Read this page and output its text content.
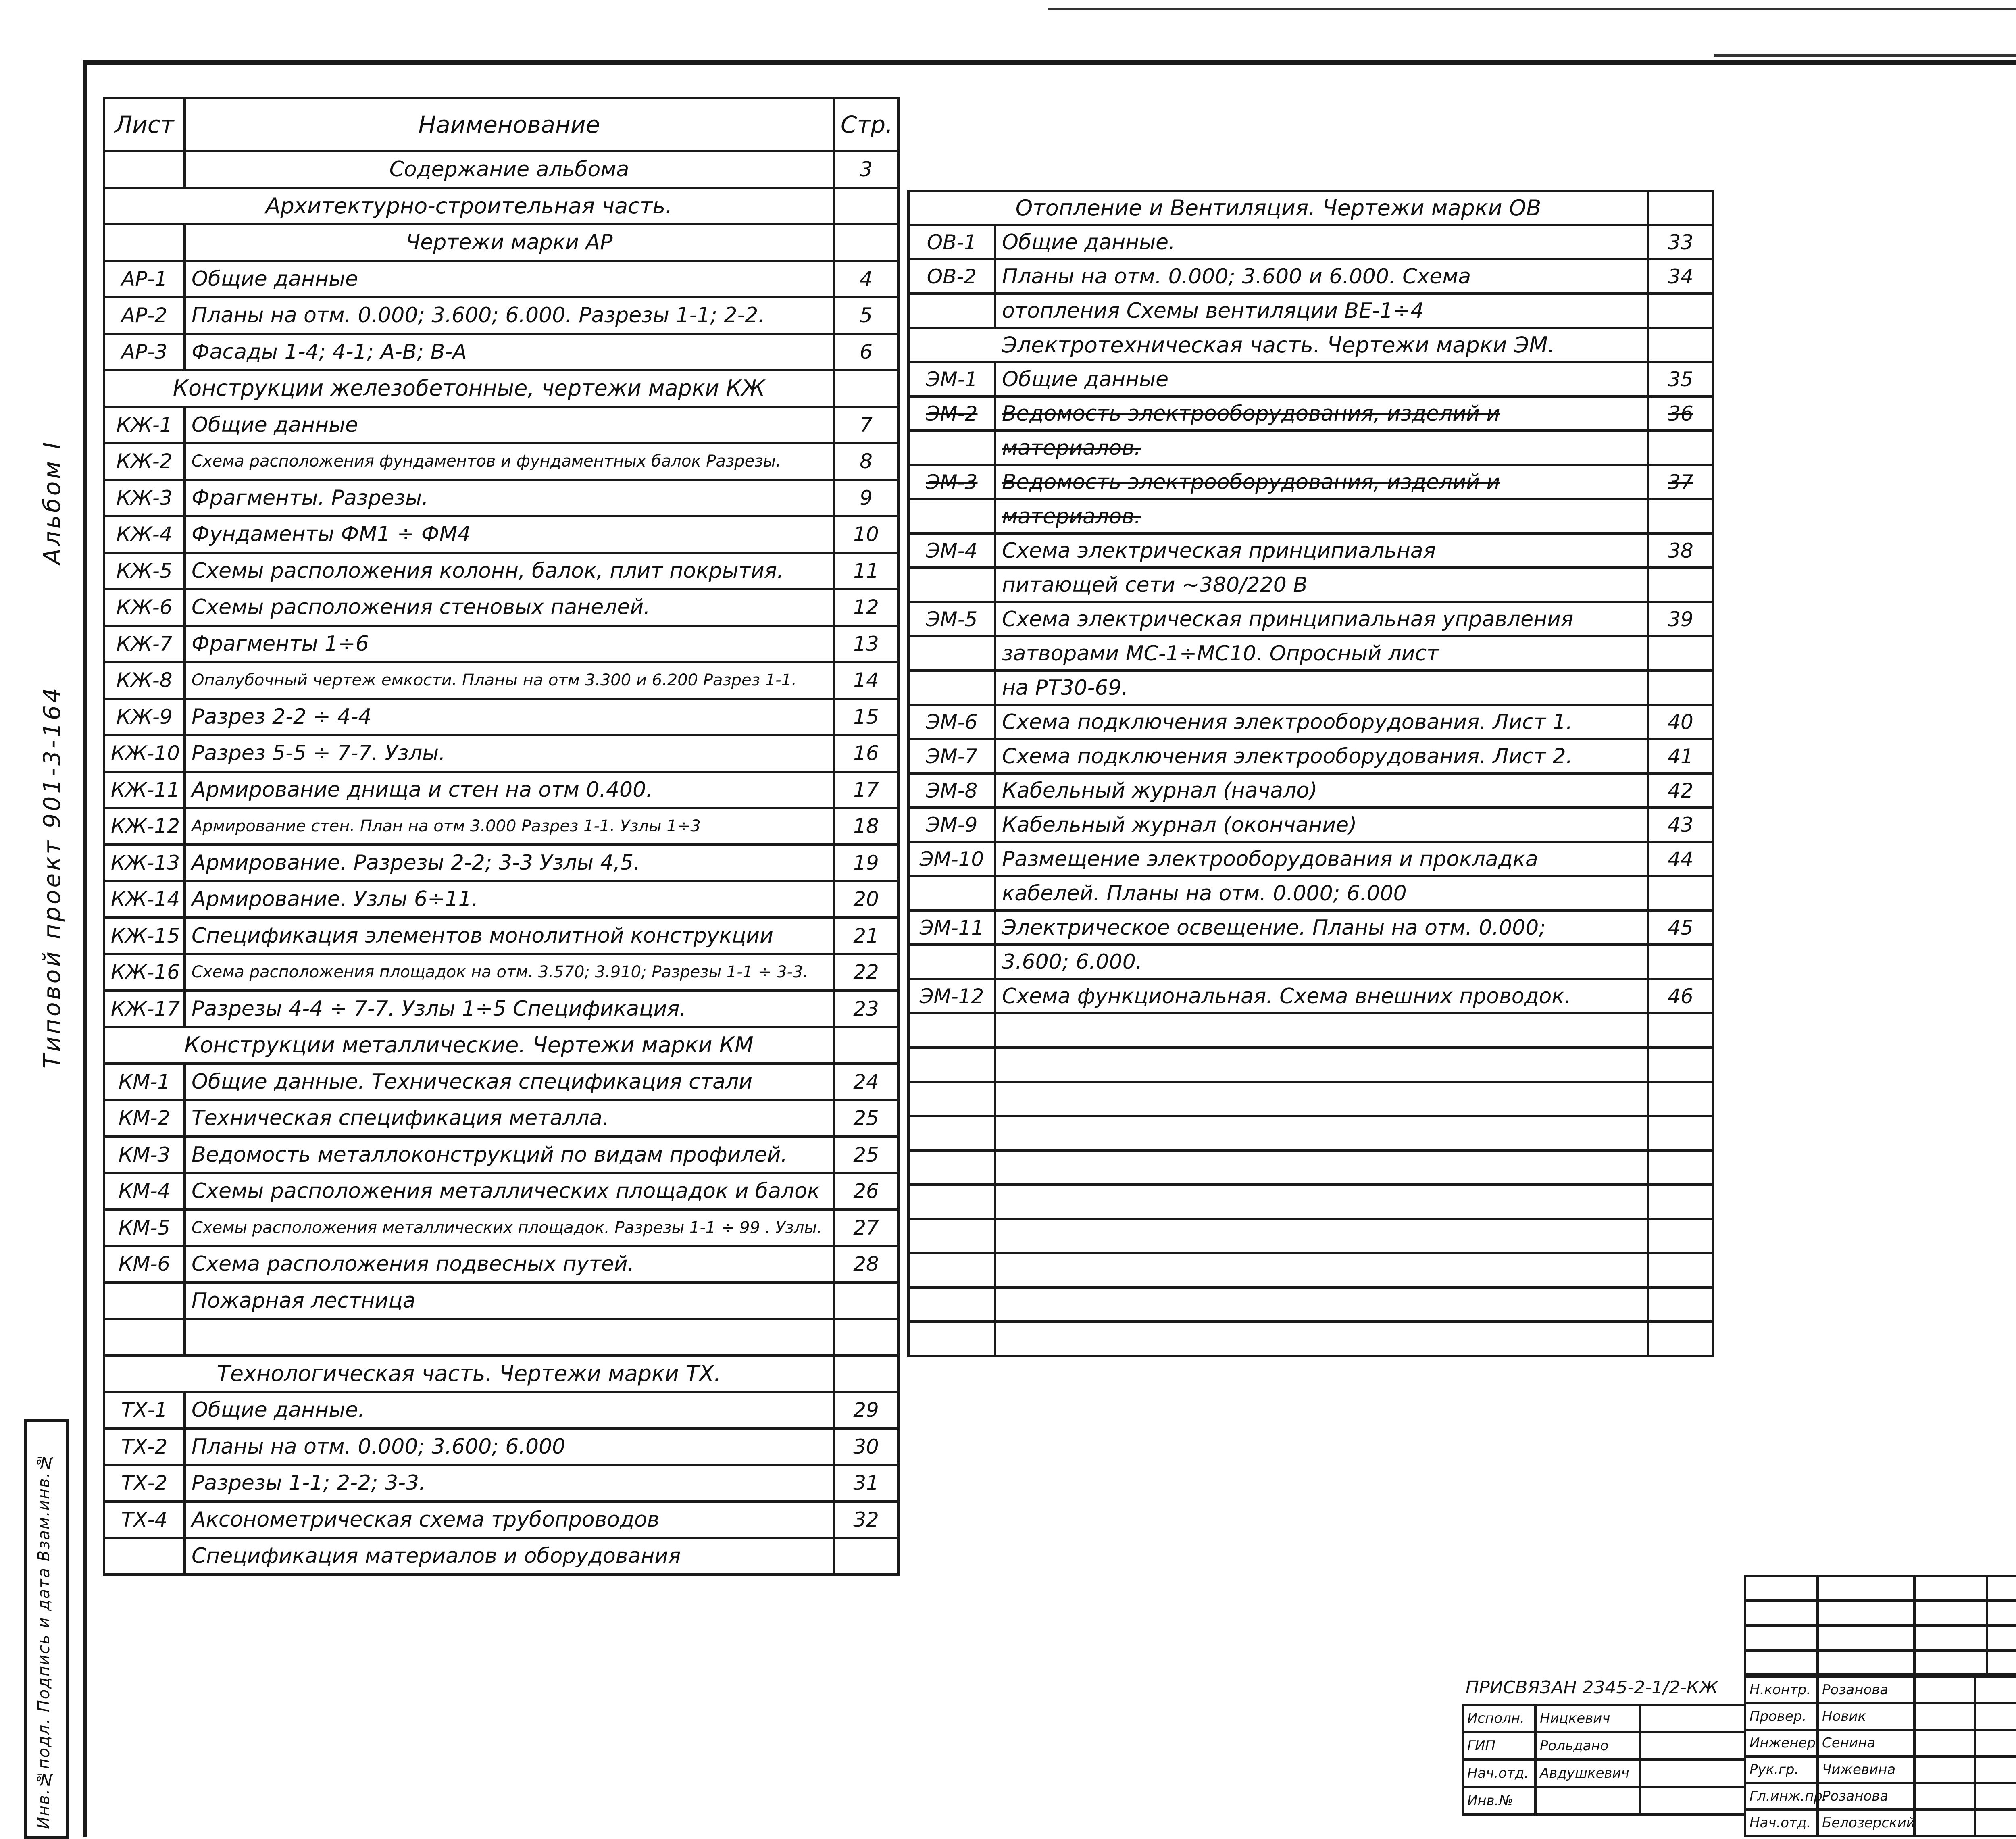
Альбом I
Типовой проект 901-3-164
Инв.№подл. Подпись и дата Взам.инв.№
Лист	Наименование	Стр.
	Содержание альбома	3
Архитектурно-строительная часть.		
	Чертежи марки АР	
АР-1	Общие данные	4
АР-2	Планы на отм. 0.000; 3.600; 6.000. Разрезы 1-1; 2-2.	5
АР-3	Фасады 1-4; 4-1; А-В; В-А	6
Конструкции железобетонные, чертежи марки КЖ		
КЖ-1	Общие данные	7
КЖ-2	Схема расположения фундаментов и фундаментных балок Разрезы.	8
КЖ-3	Фрагменты. Разрезы.	9
КЖ-4	Фундаменты ФМ1 ÷ ФМ4	10
КЖ-5	Схемы расположения колонн, балок, плит покрытия.	11
КЖ-6	Схемы расположения стеновых панелей.	12
КЖ-7	Фрагменты 1÷6	13
КЖ-8	Опалубочный чертеж емкости. Планы на отм 3.300 и 6.200 Разрез 1-1.	14
КЖ-9	Разрез 2-2 ÷ 4-4	15
КЖ-10	Разрез 5-5 ÷ 7-7. Узлы.	16
КЖ-11	Армирование днища и стен на отм 0.400.	17
КЖ-12	Армирование стен. План на отм 3.000 Разрез 1-1. Узлы 1÷3	18
КЖ-13	Армирование. Разрезы 2-2; 3-3 Узлы 4,5.	19
КЖ-14	Армирование. Узлы 6÷11.	20
КЖ-15	Спецификация элементов монолитной конструкции	21
КЖ-16	Схема расположения площадок на отм. 3.570; 3.910; Разрезы 1-1 ÷ 3-3.	22
КЖ-17	Разрезы 4-4 ÷ 7-7. Узлы 1÷5 Спецификация.	23
Конструкции металлические. Чертежи марки КМ		
КМ-1	Общие данные. Техническая спецификация стали	24
КМ-2	Техническая спецификация металла.	25
КМ-3	Ведомость металлоконструкций по видам профилей.	25
КМ-4	Схемы расположения металлических площадок и балок	26
КМ-5	Схемы расположения металлических площадок. Разрезы 1-1 ÷ 99 . Узлы.	27
КМ-6	Схема расположения подвесных путей.	28
	Пожарная лестница	

Технологическая часть. Чертежи марки ТХ.		
ТХ-1	Общие данные.	29
ТХ-2	Планы на отм. 0.000; 3.600; 6.000	30
ТХ-2	Разрезы 1-1; 2-2; 3-3.	31
ТХ-4	Аксонометрическая схема трубопроводов	32
	Спецификация материалов и оборудования	
Отопление и Вентиляция. Чертежи марки ОВ		
ОВ-1	Общие данные.	33
ОВ-2	Планы на отм. 0.000; 3.600 и 6.000. Схема	34
	отопления Схемы вентиляции ВЕ-1÷4	
Электротехническая часть. Чертежи марки ЭМ.		
ЭМ-1	Общие данные	35
ЭМ-2	Ведомость электрооборудования, изделий и	36
	материалов.	
ЭМ-3	Ведомость электрооборудования, изделий и	37
	материалов.	
ЭМ-4	Схема электрическая принципиальная	38
	питающей сети ~380/220 В	
ЭМ-5	Схема электрическая принципиальная управления	39
	затворами МС-1÷МС10. Опросный лист	
	на РТ30-69.	
ЭМ-6	Схема подключения электрооборудования. Лист 1.	40
ЭМ-7	Схема подключения электрооборудования. Лист 2.	41
ЭМ-8	Кабельный журнал (начало)	42
ЭМ-9	Кабельный журнал (окончание)	43
ЭМ-10	Размещение электрооборудования и прокладка	44
	кабелей. Планы на отм. 0.000; 6.000	
ЭМ-11	Электрическое освещение. Планы на отм. 0.000;	45
	3.600; 6.000.	
ЭМ-12	Схема функциональная. Схема внешних проводок.	46

ПРИСВЯЗАН 2345-2-1/2-КЖ
Исполн.	Ницкевич	
ГИП	Рольдано	
Нач.отд.	Авдушкевич	
Инв.№		
Н.контр.	Розанова		
Провер.	Новик		
Инженер	Сенина		
Рук.гр.	Чижевина		
Гл.инж.пр.	Розанова		
Нач.отд.	Белозерский		
